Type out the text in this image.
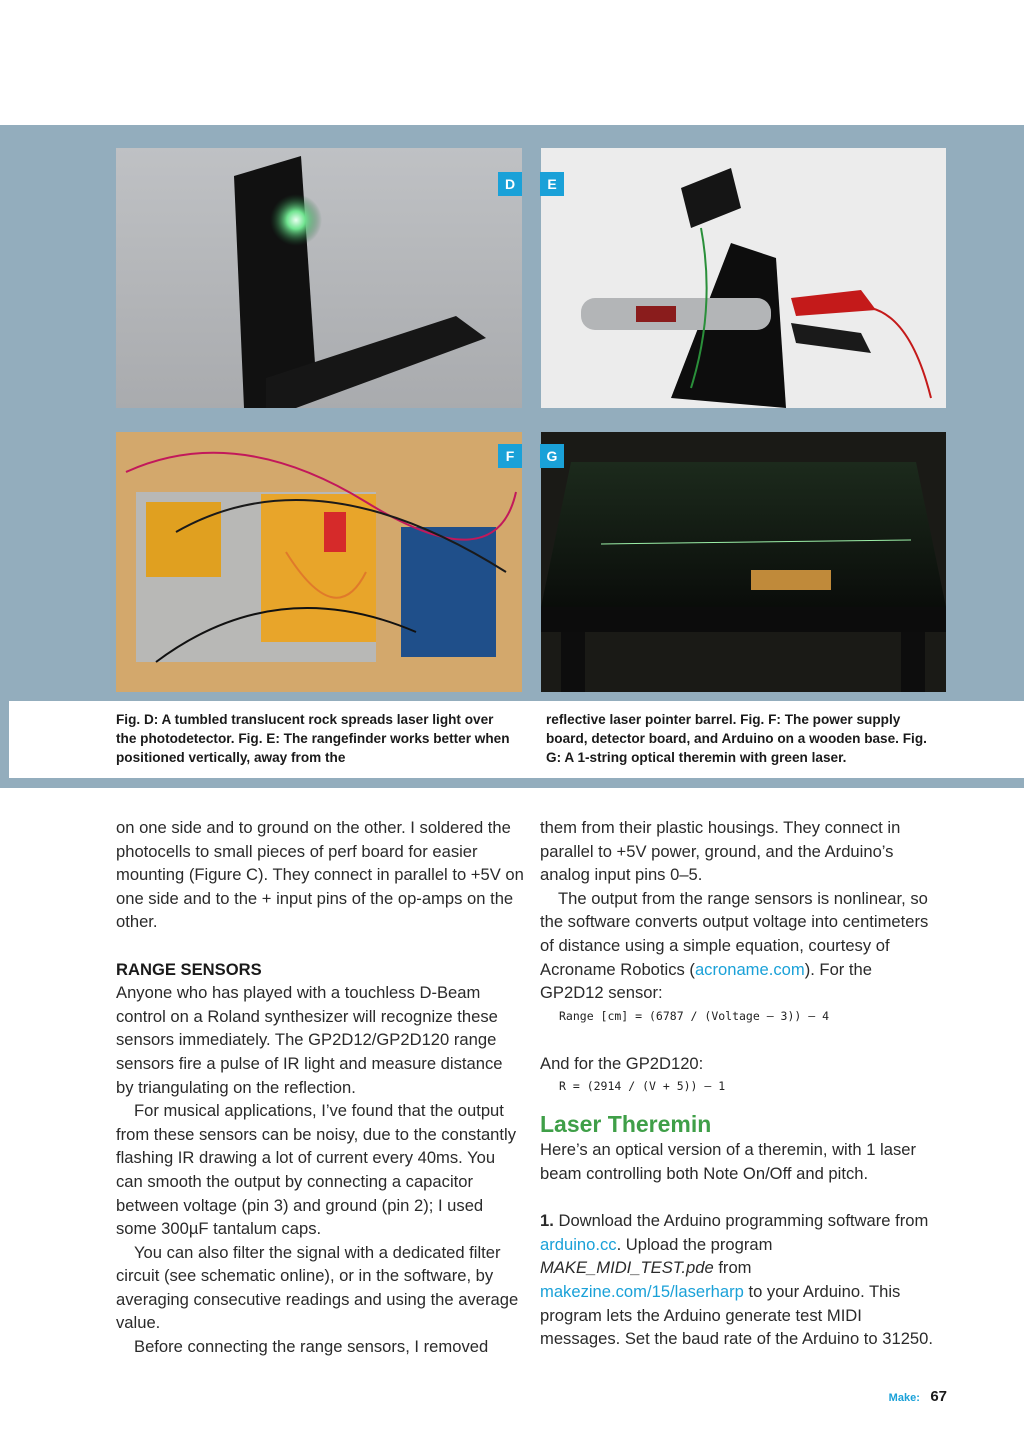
D	E
F	G
Fig. D: A tumbled translucent rock spreads laser light over the photodetector. Fig. E: The rangefinder works better when positioned vertically, away from the
reflective laser pointer barrel. Fig. F: The power supply board, detector board, and Arduino on a wooden base. Fig. G: A 1-string optical theremin with green laser.

on one side and to ground on the other. I soldered the photocells to small pieces of perf board for easier mounting (Figure C). They connect in parallel to +5V on one side and to the + input pins of the op-amps on the other.

RANGE SENSORS

Anyone who has played with a touchless D-Beam control on a Roland synthesizer will recognize these sensors immediately. The GP2D12/GP2D120 range sensors fire a pulse of IR light and measure distance by triangulating on the reflection.

For musical applications, I’ve found that the output from these sensors can be noisy, due to the constantly flashing IR drawing a lot of current every 40ms. You can smooth the output by connecting a capacitor between voltage (pin 3) and ground (pin 2); I used some 300µF tantalum caps.

You can also filter the signal with a dedicated filter circuit (see schematic online), or in the software, by averaging consecutive readings and using the average value.

Before connecting the range sensors, I removed

them from their plastic housings. They connect in parallel to +5V power, ground, and the Arduino’s analog input pins 0–5.

The output from the range sensors is nonlinear, so the software converts output voltage into centimeters of distance using a simple equation, courtesy of Acroname Robotics (acroname.com). For the GP2D12 sensor:

Range [cm] = (6787 / (Voltage – 3)) – 4

And for the GP2D120:

R = (2914 / (V + 5)) – 1

Laser Theremin

Here’s an optical version of a theremin, with 1 laser beam controlling both Note On/Off and pitch.

1. Download the Arduino programming software from arduino.cc. Upload the program MAKE_MIDI_TEST.pde from makezine.com/15/laserharp to your Arduino. This program lets the Arduino generate test MIDI messages. Set the baud rate of the Arduino to 31250.

Make: 67
